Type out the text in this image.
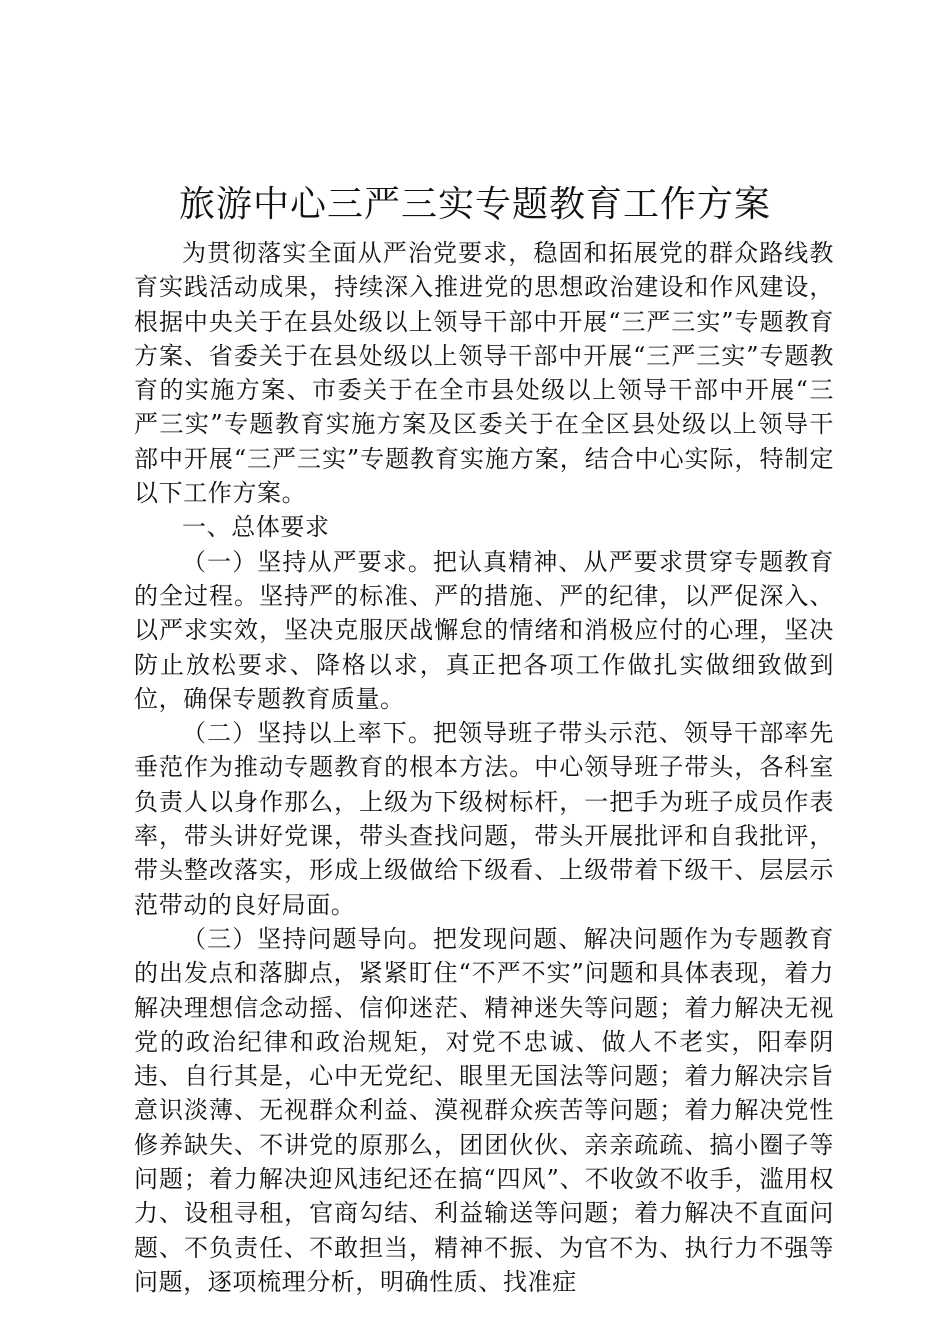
旅游中心三严三实专题教育工作方案

为贯彻落实全面从严治党要求，稳固和拓展党的群众路线教育实践活动成果，持续深入推进党的思想政治建设和作风建设，根据中央关于在县处级以上领导干部中开展“三严三实”专题教育方案、省委关于在县处级以上领导干部中开展“三严三实”专题教育的实施方案、市委关于在全市县处级以上领导干部中开展“三严三实”专题教育实施方案及区委关于在全区县处级以上领导干部中开展“三严三实”专题教育实施方案，结合中心实际，特制定以下工作方案。

一、总体要求

（一）坚持从严要求。把认真精神、从严要求贯穿专题教育的全过程。坚持严的标准、严的措施、严的纪律，以严促深入、以严求实效，坚决克服厌战懈怠的情绪和消极应付的心理，坚决防止放松要求、降格以求，真正把各项工作做扎实做细致做到位，确保专题教育质量。

（二）坚持以上率下。把领导班子带头示范、领导干部率先垂范作为推动专题教育的根本方法。中心领导班子带头，各科室负责人以身作那么，上级为下级树标杆，一把手为班子成员作表率，带头讲好党课，带头查找问题，带头开展批评和自我批评，带头整改落实，形成上级做给下级看、上级带着下级干、层层示范带动的良好局面。

（三）坚持问题导向。把发现问题、解决问题作为专题教育的出发点和落脚点，紧紧盯住“不严不实”问题和具体表现，着力解决理想信念动摇、信仰迷茫、精神迷失等问题；着力解决无视党的政治纪律和政治规矩，对党不忠诚、做人不老实，阳奉阴违、自行其是，心中无党纪、眼里无国法等问题；着力解决宗旨意识淡薄、无视群众利益、漠视群众疾苦等问题；着力解决党性修养缺失、不讲党的原那么，团团伙伙、亲亲疏疏、搞小圈子等问题；着力解决迎风违纪还在搞“四风”、不收敛不收手，滥用权力、设租寻租，官商勾结、利益输送等问题；着力解决不直面问题、不负责任、不敢担当，精神不振、为官不为、执行力不强等问题，逐项梳理分析，明确性质、找准症
